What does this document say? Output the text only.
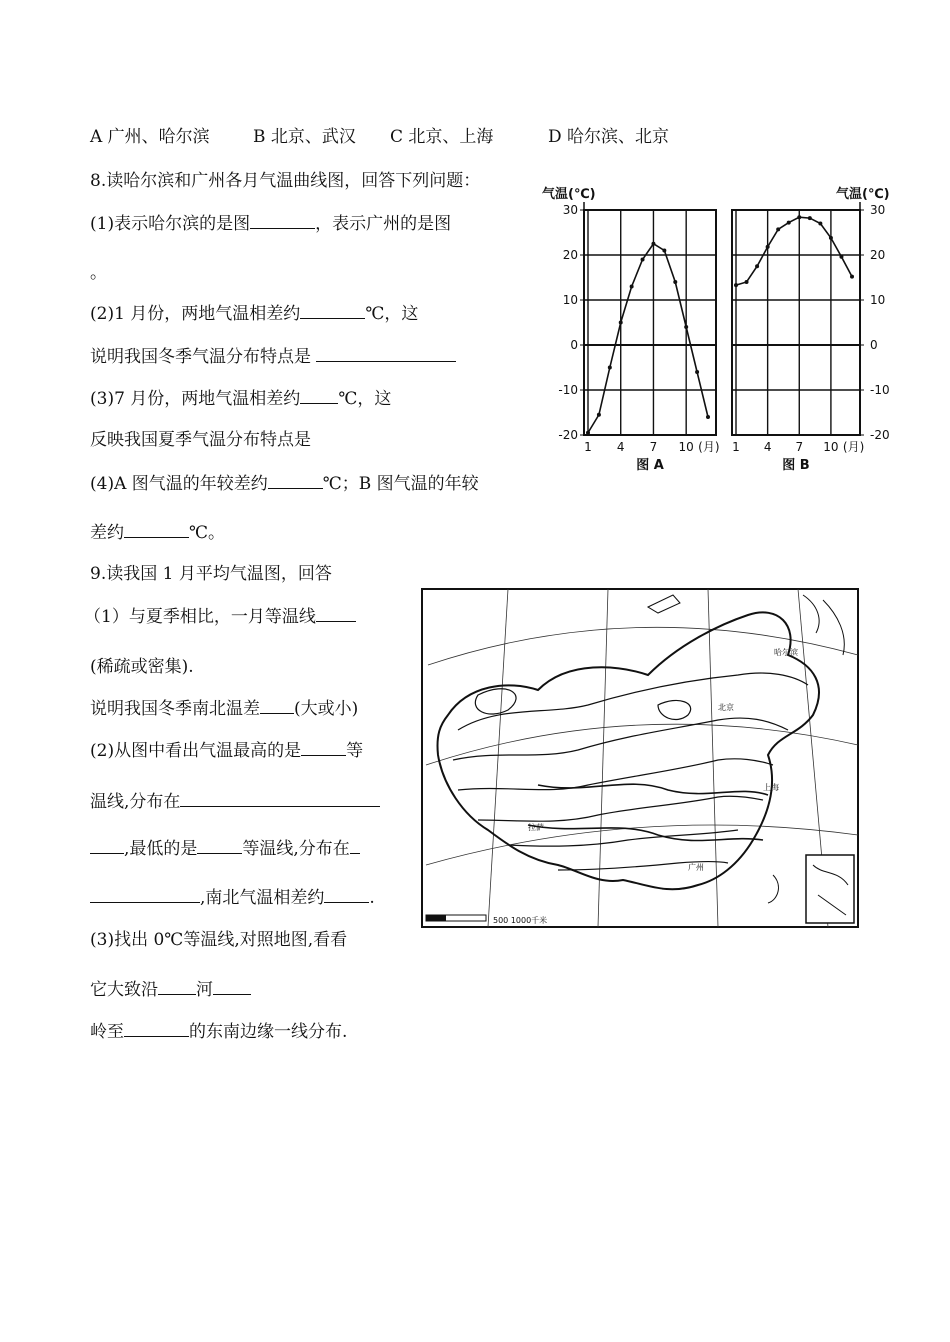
A 广州、哈尔滨	B 北京、武汉 C 北京、上海	D 哈尔滨、北京
8.读哈尔滨和广州各月气温曲线图，回答下列问题：
(1)表示哈尔滨的是图	，表示广州的是图
。
(2)1 月份，两地气温相差约	℃，这
说明我国冬季气温分布特点是
(3)7 月份，两地气温相差约 ℃，这
反映我国夏季气温分布特点是
(4)A 图气温的年较差约	℃；B 图气温的年较
差约	℃。
30
20
10
0
-10
-20
1 4 7 10 (月)
气温(℃)
图 A
30
20
10
0
-10
-20
1 4 7 10 (月)
气温(℃)
图 B
9.读我国 1 月平均气温图，回答
（1）与夏季相比，一月等温线
(稀疏或密集).
说明我国冬季南北温差 (大或小)
(2)从图中看出气温最高的是	等
温线,分布在
,最低的是	等温线,分布在
,南北气温相差约	.
(3)找出 0℃等温线,对照地图,看看
它大致沿 河
岭至	的东南边缘一线分布.
500 1000千米
哈尔滨
北京
上海
广州
拉萨
